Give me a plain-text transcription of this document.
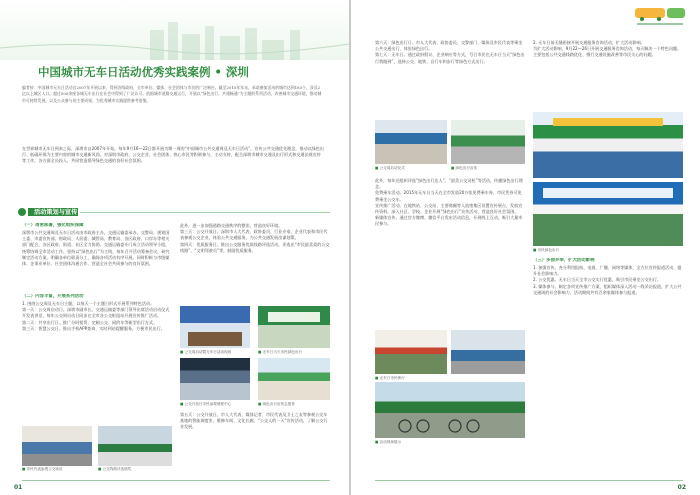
中国城市无车日活动优秀实践案例 • 深圳
编者按：中国城市无车日活动自2007年开展以来，得到各级政府、全市单位、媒体、社会团体与市民的广泛响应。截至2015年年末，承诺参加活动的城市达到183个，涉及2亿以上城区人口。超过500余座各城无车出行在社会中得到了广泛认可。依据城市道路交通运行，开展以“绿色出行、共建畅通”为主题的系列活动，改善城市交通环境，推动城市可持续发展。以及公众参与的主要成果。为优秀城市实践提供参考借鉴。
在世界城市无车日到来之际，深圳市自2007年开始，每年9月16—22日都开展为期一周的“中国城市公共交通周及无车日活动”，宣传公共交通优先理念，推动以绿色出行、低碳环保为主要内容的城市交通新风尚。对深圳市政府、公交企业、社会团体、热心市民等积极参与，主动支持，配合深圳市城市交通及出行形式和交通法规宣传等工作，各方面全员投入，共同营造倡导绿色交通的良好社会氛围。
活动策划与宣传
（一）周密部署，强化组织保障
深圳市公共交通周及无车日活动由市政府主办，交通运输委承办，交警局、规划国土委、市委宣传部、财政局、人居委、城管局、教育局、各区政府、口岸办等相关部门配合，各区政府、街道、社区全力协助。交通运输委专门成立活动领导小组，统筹协调全市活动工作。坚持以“绿色出行”为主线，每年召开活动筹备会议，研究制定活动方案，明确各单位职责分工，确保各项活动有序开展。同时积极与市级媒体、企事业单位、社会团体沟通合作，营造全社会共同参与的良好氛围。
（二）内容丰富，开展系列活动
1. 围绕公交周及无车日主题，以每天一个主题日形式开展系列特色活动。
第一天：公交周启动日。深圳市副市长、交通运输委等部门领导出席活动启动仪式开发表讲话，每年公交周启动日同步在全市各公交枢纽站开展宣传推广活动。
第二天：共享出行日。推广分时租赁、定制公交、网约车等新型出行方式。
第三天：智慧公交日。推出手机APP查询、实时到站提醒服务，方便市民出行。
此外，进一步加强道路交通秩序的整治，营造良好环境。
第三天：公交开放日。深圳市人大代表、政协委员、行业专家，企业代表和市民代表参观公交企业，体验公共交通服务，为公共交通发展出谋划策。
第四天：优质服务日。推出公交服务优质线路评选活动，评选出“市民最喜爱的公交线路”、“文明驾驶员”等，鼓励优质服务。
■ 公交周启动暨无车日活动现场	■ 无车日当天市民绿色出行
■ 公交开放日市民参观调度中心	■ 绿色出行宣传志愿者
第五天：公交开放日，市人大代表、媒体记者、市民代表及卫士之友等参观公交车基地的智能调度室、维修车间、文化长廊，“公交人的一天”宣传活动，了解公交行业发展。
■ 市民代表参观公交场站	■ 公交线路评选颁奖
01
第六天：绿色出行日。市人大代表、政协委员、交警部门、媒体及市民代表等乘坐公共交通出行，体验绿色出行。
第七天：无车日。通过政府倡议、企业响应等方式，号召市民在无车日当天“绿色出行我做到”，选择公交、地铁、自行车和步行等绿色方式出行。
■ 公交周启动仪式	■ 绿色出行宣传
此外，每年还组织评选“绿色出行达人”、“最美公交司机”等活动，传播绿色出行理念。
免费乘车活动。2015年无车日当天在全市发放20万张免费乘车券，市民凭券可免费乘坐公交车。
宣传推广活动。在地铁站、公交站、主要商圈等人流密集区设置宣传展台，发放宣传资料，深入社区、学校、企业开展“绿色出行”宣传活动，营造良好社会氛围。
新媒体宣传。通过官方微博、微信平台发布活动信息，开展线上互动，吸引大量市民参与。
■ 无车日市民骑行
■ 活动现场展示
2. 无车日前无缝衔接开展交通服务咨询活动，扩大活动影响。
为扩大活动影响，9月22—26日开展交通服务咨询活动，每天解决一个特色问题。主要包括公共交通线路优化、慢行交通设施改善等市民关心的问题。
■ 市民绿色出行
（三）多措并举，扩大活动影响
1. 加强宣传。充分利用报纸、电视、广播、网络等媒体，全方位宣传报道活动，提升社会影响力。
2. 公交优惠。无车日当天全市公交实行优惠，吸引市民乘坐公交出行。
3. 媒体参与。制定各项宣传推广方案，组织媒体深入活动一线采访报道，扩大公共交通周的社会影响力，活动期间共有百余家媒体参与报道。
02
